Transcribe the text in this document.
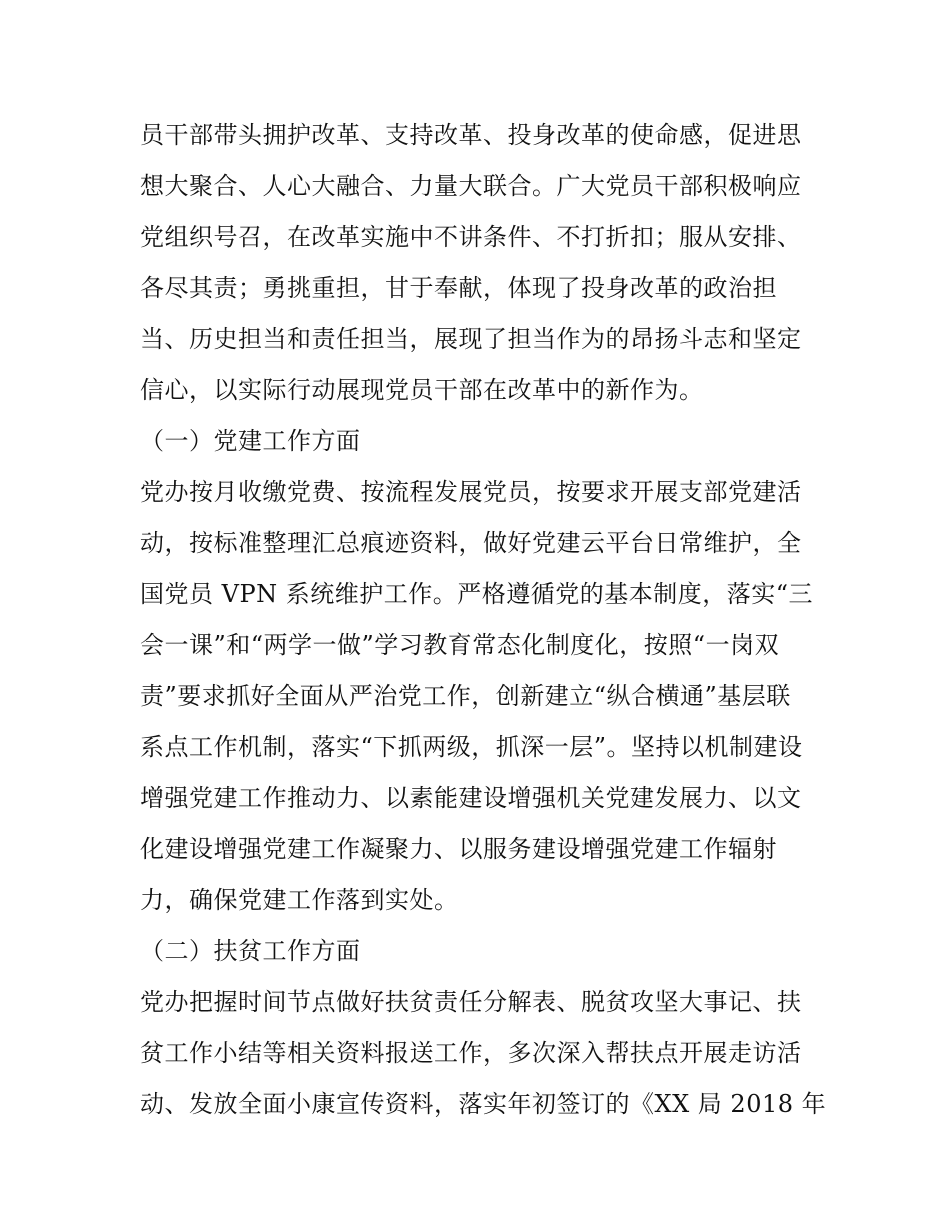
员干部带头拥护改革、支持改革、投身改革的使命感，促进思
想大聚合、人心大融合、力量大联合。广大党员干部积极响应
党组织号召，在改革实施中不讲条件、不打折扣；服从安排、
各尽其责；勇挑重担，甘于奉献，体现了投身改革的政治担
当、历史担当和责任担当，展现了担当作为的昂扬斗志和坚定
信心，以实际行动展现党员干部在改革中的新作为。
（一）党建工作方面
党办按月收缴党费、按流程发展党员，按要求开展支部党建活
动，按标准整理汇总痕迹资料，做好党建云平台日常维护，全
国党员 VPN 系统维护工作。严格遵循党的基本制度，落实“三
会一课”和“两学一做”学习教育常态化制度化，按照“一岗双
责”要求抓好全面从严治党工作，创新建立“纵合横通”基层联
系点工作机制，落实“下抓两级，抓深一层”。坚持以机制建设
增强党建工作推动力、以素能建设增强机关党建发展力、以文
化建设增强党建工作凝聚力、以服务建设增强党建工作辐射
力，确保党建工作落到实处。
（二）扶贫工作方面
党办把握时间节点做好扶贫责任分解表、脱贫攻坚大事记、扶
贫工作小结等相关资料报送工作，多次深入帮扶点开展走访活
动、发放全面小康宣传资料，落实年初签订的《XX 局 2018 年
